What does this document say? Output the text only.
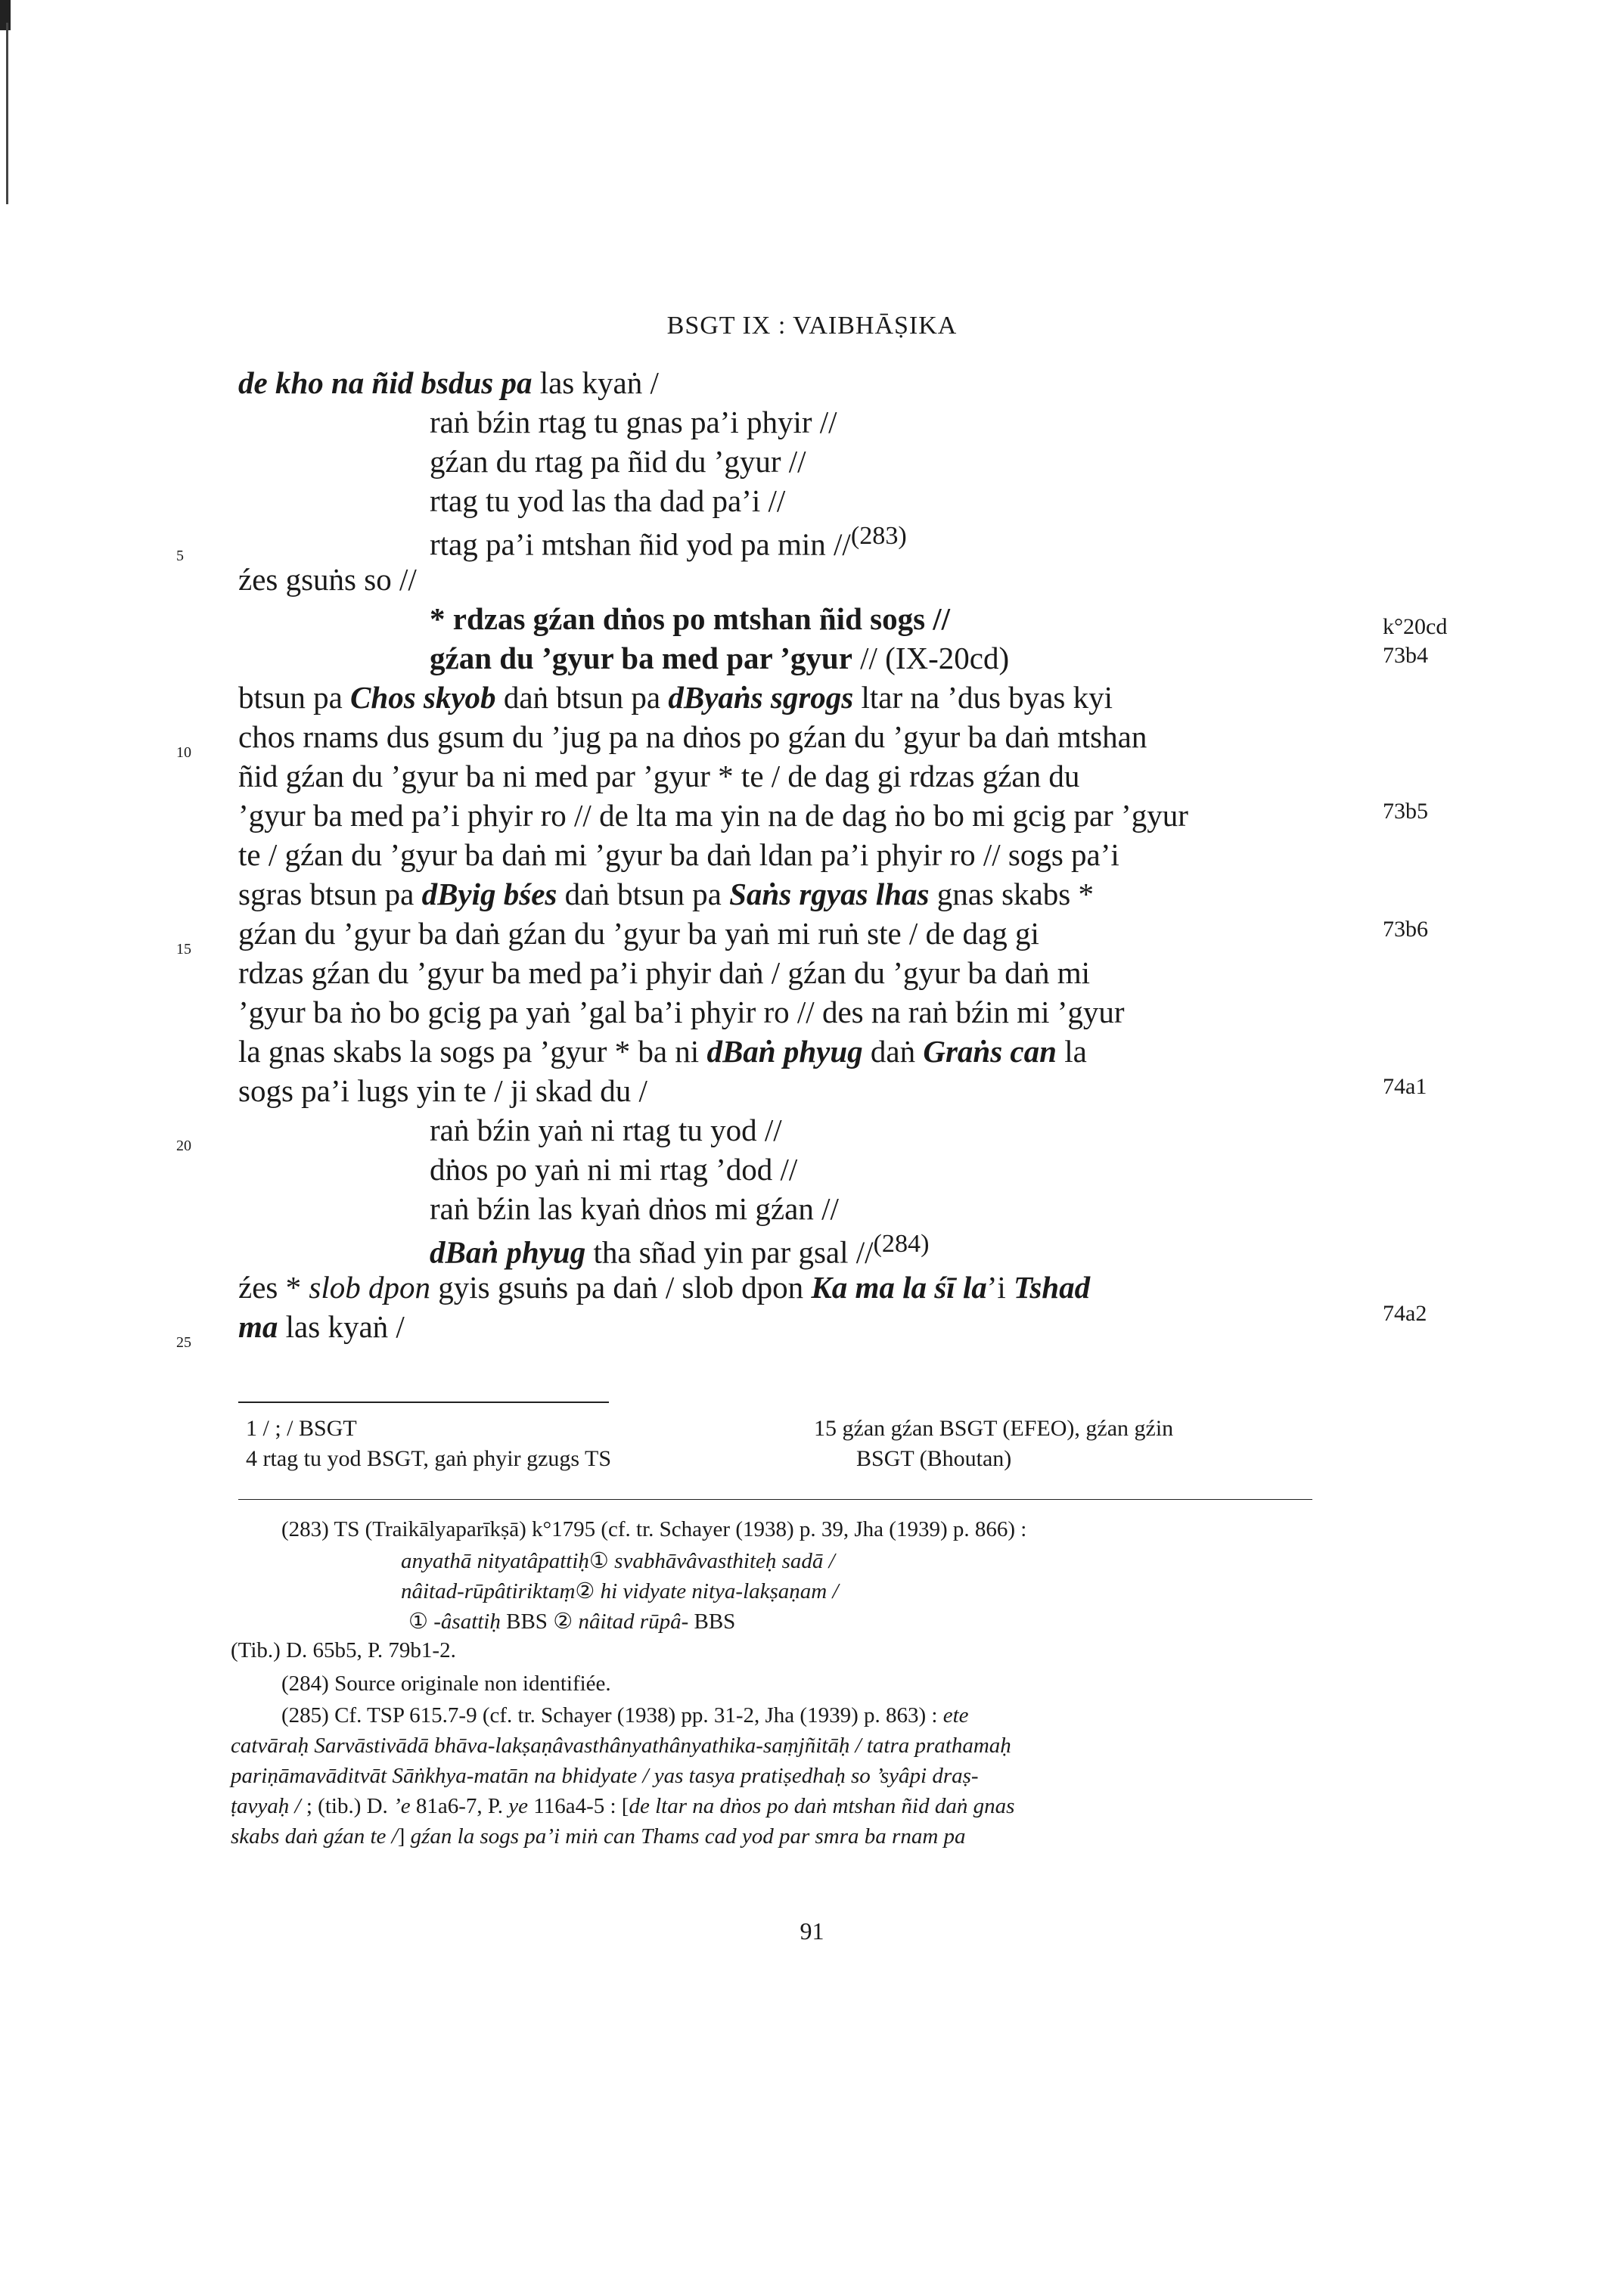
BSGT IX : VAIBHĀṢIKA
de kho na ñid bsdus pa las kyaṅ /
raṅ bźin rtag tu gnas pa’i phyir //
gźan du rtag pa ñid du ’gyur //
rtag tu yod las tha dad pa’i //
rtag pa’i mtshan ñid yod pa min //$^{(283)}$
źes gsuṅs so //
* rdzas gźan dṅos po mtshan ñid sogs //
gźan du ’gyur ba med par ’gyur // (IX-20cd)
btsun pa Chos skyob daṅ btsun pa dByaṅs sgrogs ltar na ’dus byas kyi
chos rnams dus gsum du ’jug pa na dṅos po gźan du ’gyur ba daṅ mtshan
ñid gźan du ’gyur ba ni med par ’gyur * te / de dag gi rdzas gźan du
’gyur ba med pa’i phyir ro // de lta ma yin na de dag ṅo bo mi gcig par ’gyur
te / gźan du ’gyur ba daṅ mi ’gyur ba daṅ ldan pa’i phyir ro // sogs pa’i
sgras btsun pa dByig bśes daṅ btsun pa Saṅs rgyas lhas gnas skabs *
gźan du ’gyur ba daṅ gźan du ’gyur ba yaṅ mi ruṅ ste / de dag gi
rdzas gźan du ’gyur ba med pa’i phyir daṅ / gźan du ’gyur ba daṅ mi
’gyur ba ṅo bo gcig pa yaṅ ’gal ba’i phyir ro // des na raṅ bźin mi ’gyur
la gnas skabs la sogs pa ’gyur * ba ni dBaṅ phyug daṅ Graṅs can la
sogs pa’i lugs yin te / ji skad du /
raṅ bźin yaṅ ni rtag tu yod //
dṅos po yaṅ ni mi rtag ’dod //
raṅ bźin las kyaṅ dṅos mi gźan //
dBaṅ phyug tha sñad yin par gsal //$^{(284)}$
źes * slob dpon gyis gsuṅs pa daṅ / slob dpon Ka ma la śī la’i Tshad
ma las kyaṅ /
5
10
15
20
25
k°20cd
73b4
73b5
73b6
74a1
74a2
1 / ; / BSGT
4 rtag tu yod BSGT, gaṅ phyir gzugs TS
15 gźan gźan BSGT (EFEO), gźan gźin
BSGT (Bhoutan)
(283) TS (Traikālyaparīkṣā) k°1795 (cf. tr. Schayer (1938) p. 39, Jha (1939) p. 866) :
anyathā nityatâpattiḥ① svabhāvâvasthiteḥ sadā /
nâitad-rūpâtiriktaṃ② hi vidyate nitya-lakṣaṇam /
① -âsattiḥ BBS ② nâitad rūpâ- BBS
(Tib.) D. 65b5, P. 79b1-2.
(284) Source originale non identifiée.
(285) Cf. TSP 615.7-9 (cf. tr. Schayer (1938) pp. 31-2, Jha (1939) p. 863) : ete
catvāraḥ Sarvāstivādā bhāva-lakṣaṇâvasthânyathânyathika-saṃjñitāḥ / tatra prathamaḥ
pariṇāmavāditvāt Sāṅkhya-matān na bhidyate / yas tasya pratiṣedhaḥ so ’syâpi draṣ-
ṭavyaḥ / ; (tib.) D. ’e 81a6-7, P. ye 116a4-5 : [de ltar na dṅos po daṅ mtshan ñid daṅ gnas
skabs daṅ gźan te /] gźan la sogs pa’i miṅ can Thams cad yod par smra ba rnam pa
91
